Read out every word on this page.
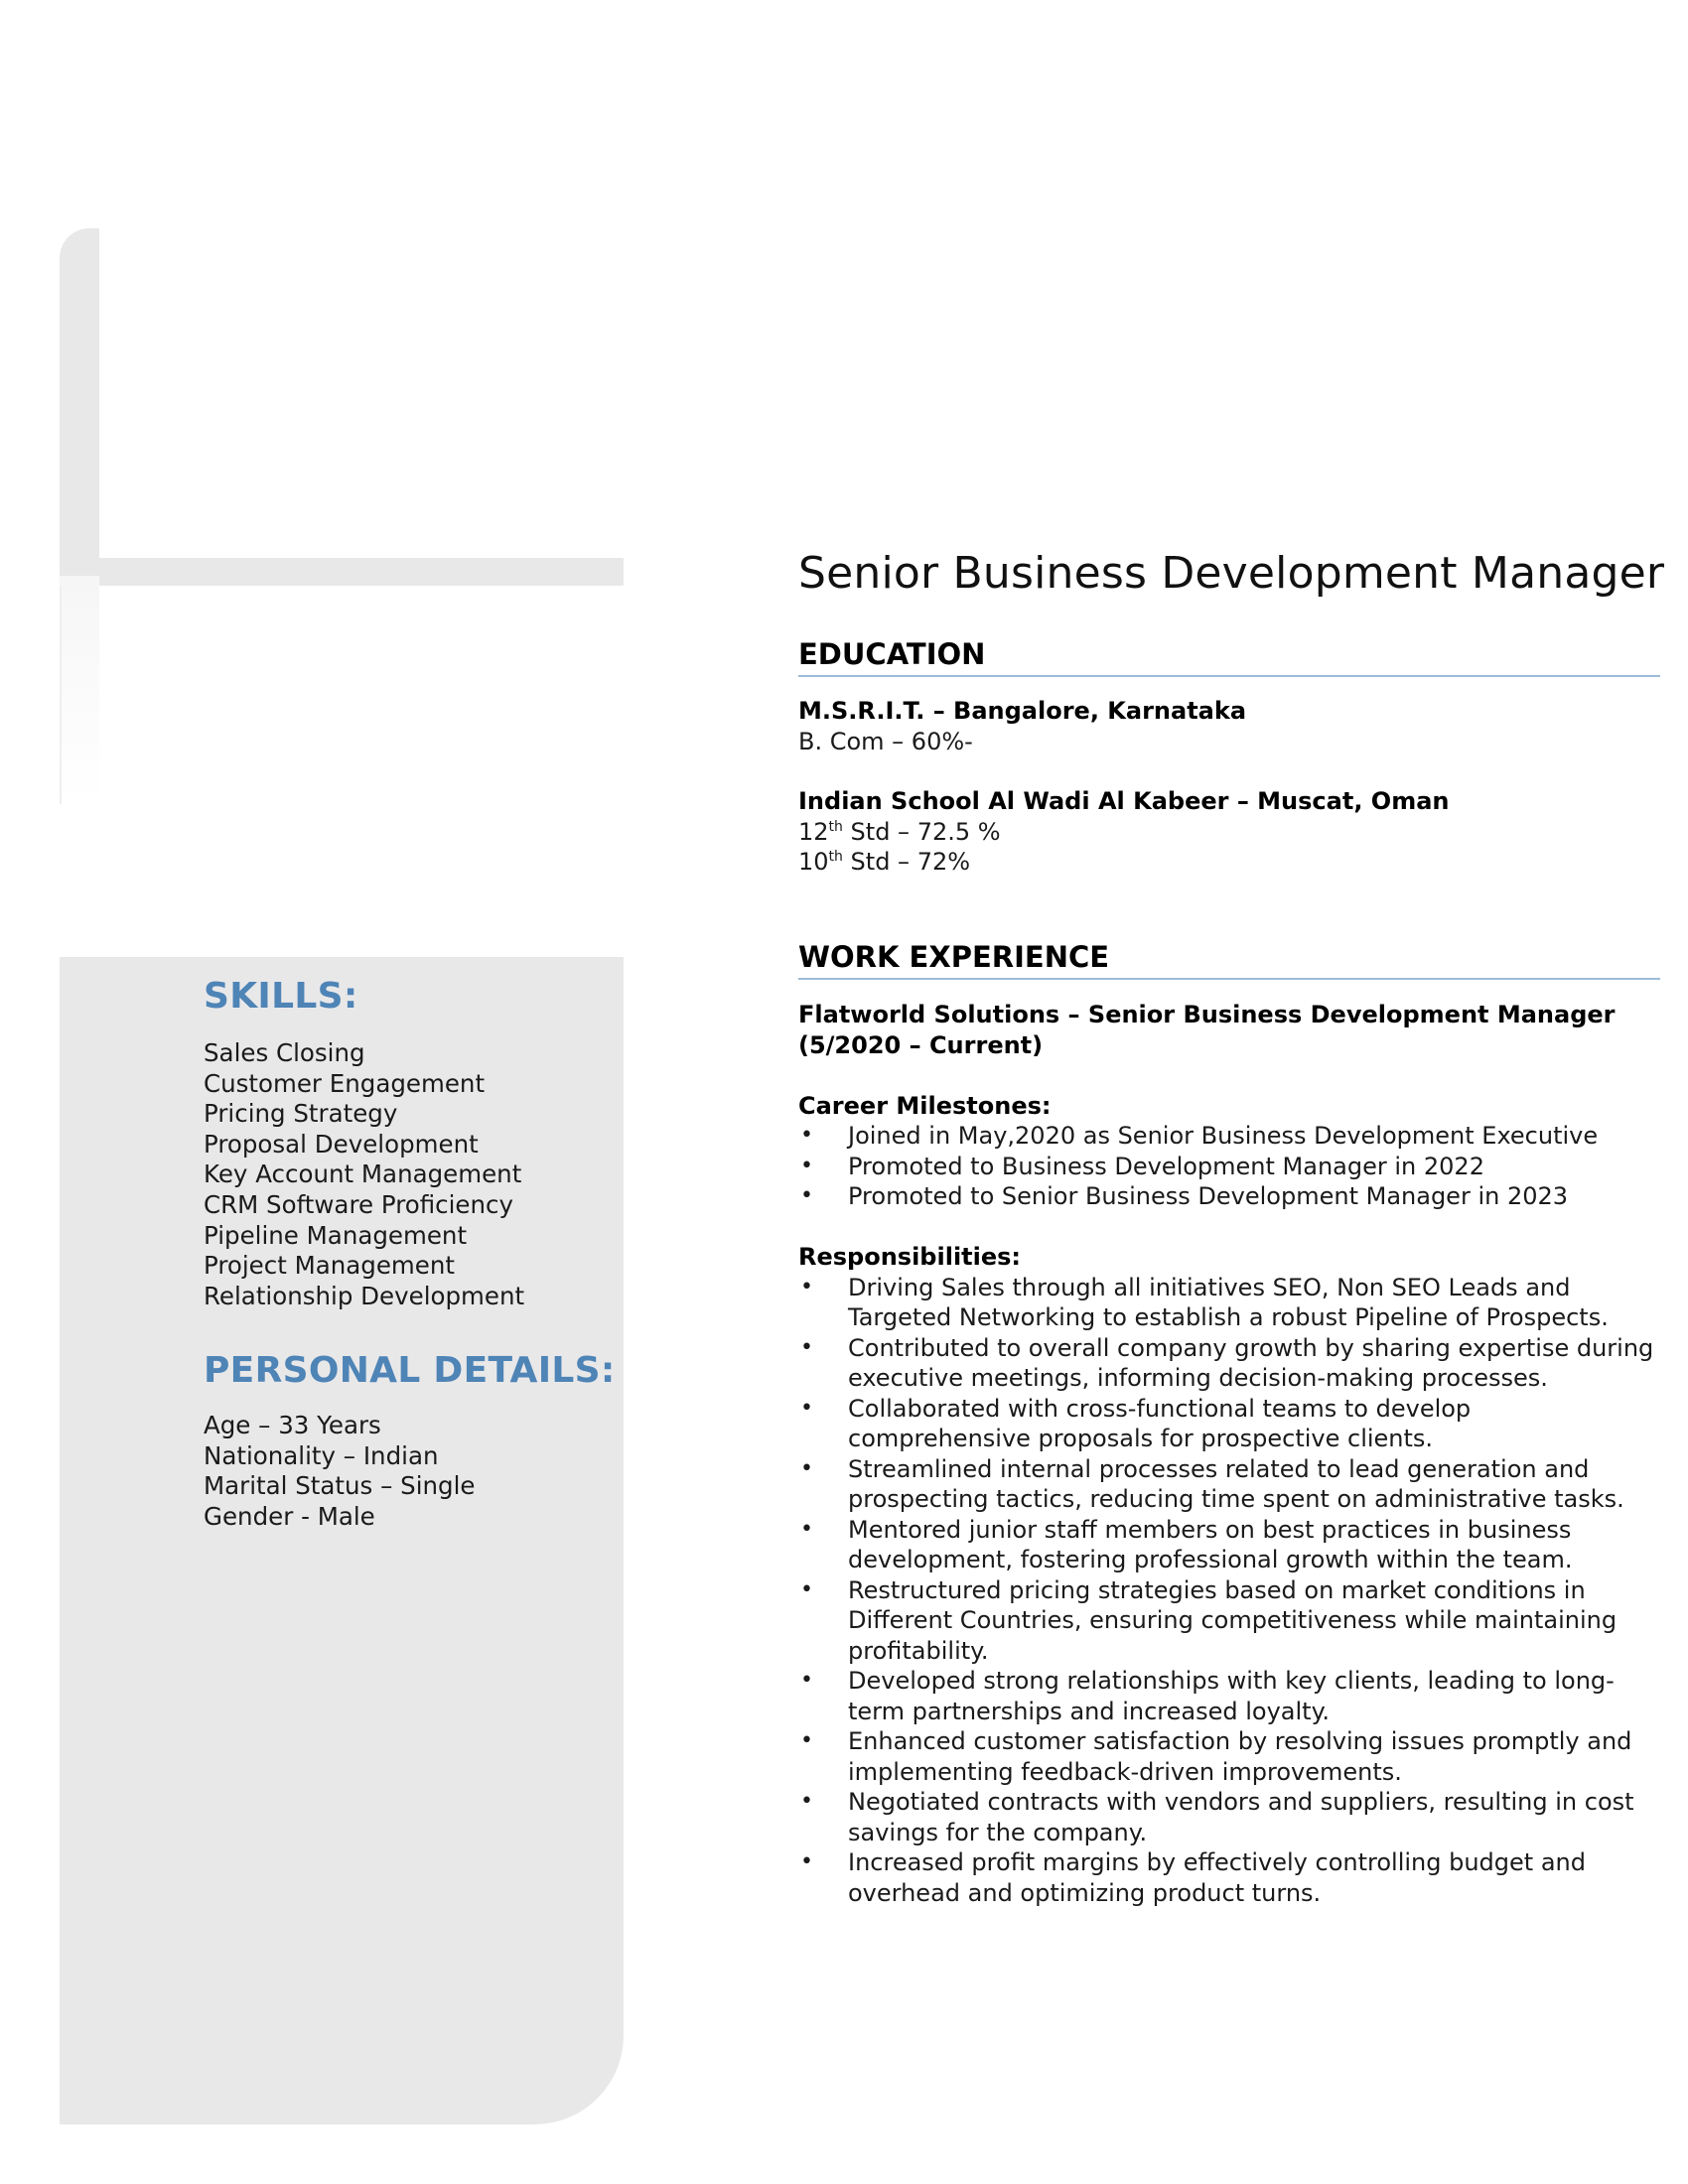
SKILLS:
Sales Closing
Customer Engagement
Pricing Strategy
Proposal Development
Key Account Management
CRM Software Proficiency
Pipeline Management
Project Management
Relationship Development
PERSONAL DETAILS:
Age – 33 Years
Nationality – Indian
Marital Status – Single
Gender - Male
Senior Business Development Manager
EDUCATION

M.S.R.I.T. – Bangalore, Karnataka

B. Com – 60%-

Indian School Al Wadi Al Kabeer – Muscat, Oman

12th Std – 72.5 %

10th Std – 72%

WORK EXPERIENCE

Flatworld Solutions – Senior Business Development Manager (5/2020 – Current)

Career Milestones:

• Joined in May,2020 as Senior Business Development Executive
• Promoted to Business Development Manager in 2022
• Promoted to Senior Business Development Manager in 2023

Responsibilities:

• Driving Sales through all initiatives SEO, Non SEO Leads and Targeted Networking to establish a robust Pipeline of Prospects.
• Contributed to overall company growth by sharing expertise during executive meetings, informing decision-making processes.
• Collaborated with cross-functional teams to develop comprehensive proposals for prospective clients.
• Streamlined internal processes related to lead generation and prospecting tactics, reducing time spent on administrative tasks.
• Mentored junior staff members on best practices in business development, fostering professional growth within the team.
• Restructured pricing strategies based on market conditions in Different Countries, ensuring competitiveness while maintaining profitability.
• Developed strong relationships with key clients, leading to long-term partnerships and increased loyalty.
• Enhanced customer satisfaction by resolving issues promptly and implementing feedback-driven improvements.
• Negotiated contracts with vendors and suppliers, resulting in cost savings for the company.
• Increased profit margins by effectively controlling budget and overhead and optimizing product turns.
